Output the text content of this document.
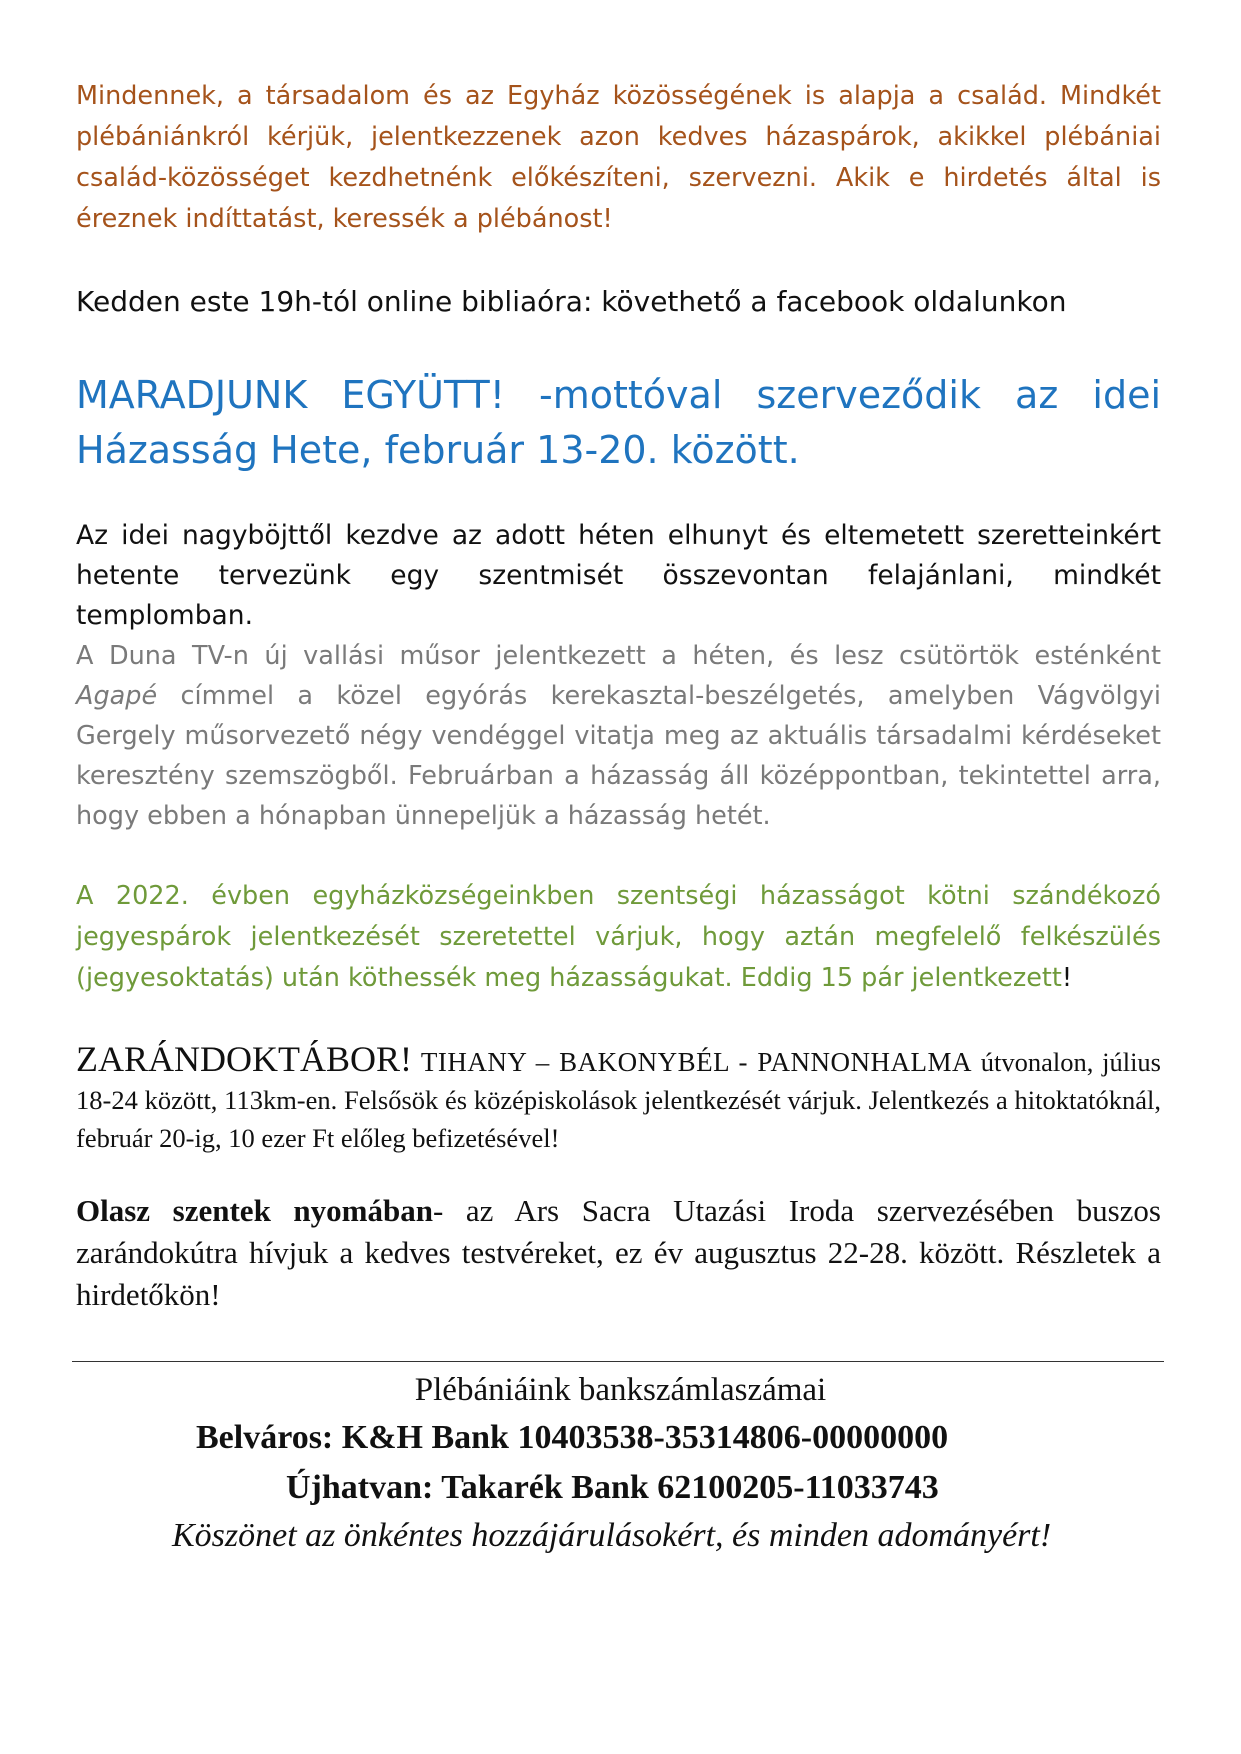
Mindennek, a társadalom és az Egyház közösségének is alapja a család. Mindkét plébániánkról kérjük, jelentkezzenek azon kedves házaspárok, akikkel plébániai család-közösséget kezdhetnénk előkészíteni, szervezni. Akik e hirdetés által is éreznek indíttatást, keressék a plébánost!

Kedden este 19h-tól online bibliaóra: követhető a facebook oldalunkon

MARADJUNK EGYÜTT! -mottóval szerveződik az idei Házasság Hete, február 13-20. között.

Az idei nagyböjttől kezdve az adott héten elhunyt és eltemetett szeretteinkért hetente tervezünk egy szentmisét összevontan felajánlani, mindkét templomban.

A Duna TV-n új vallási műsor jelentkezett a héten, és lesz csütörtök esténként Agapé címmel a közel egyórás kerekasztal-beszélgetés, amelyben Vágvölgyi Gergely műsorvezető négy vendéggel vitatja meg az aktuális társadalmi kérdéseket keresztény szemszögből. Februárban a házasság áll középpontban, tekintettel arra, hogy ebben a hónapban ünnepeljük a házasság hetét.

A 2022. évben egyházközségeinkben szentségi házasságot kötni szándékozó jegyespárok jelentkezését szeretettel várjuk, hogy aztán megfelelő felkészülés (jegyesoktatás) után köthessék meg házasságukat. Eddig 15 pár jelentkezett!

ZARÁNDOKTÁBOR! TIHANY – BAKONYBÉL - PANNONHALMA útvonalon, július 18-24 között, 113km-en. Felsősök és középiskolások jelentkezését várjuk. Jelentkezés a hitoktatóknál, február 20-ig, 10 ezer Ft előleg befizetésével!

Olasz szentek nyomában- az Ars Sacra Utazási Iroda szervezésében buszos zarándokútra hívjuk a kedves testvéreket, ez év augusztus 22-28. között. Részletek a hirdetőkön!

Plébániáink bankszámlaszámai
Belváros: K&H Bank 10403538-35314806-00000000
Újhatvan: Takarék Bank 62100205-11033743
Köszönet az önkéntes hozzájárulásokért, és minden adományért!
